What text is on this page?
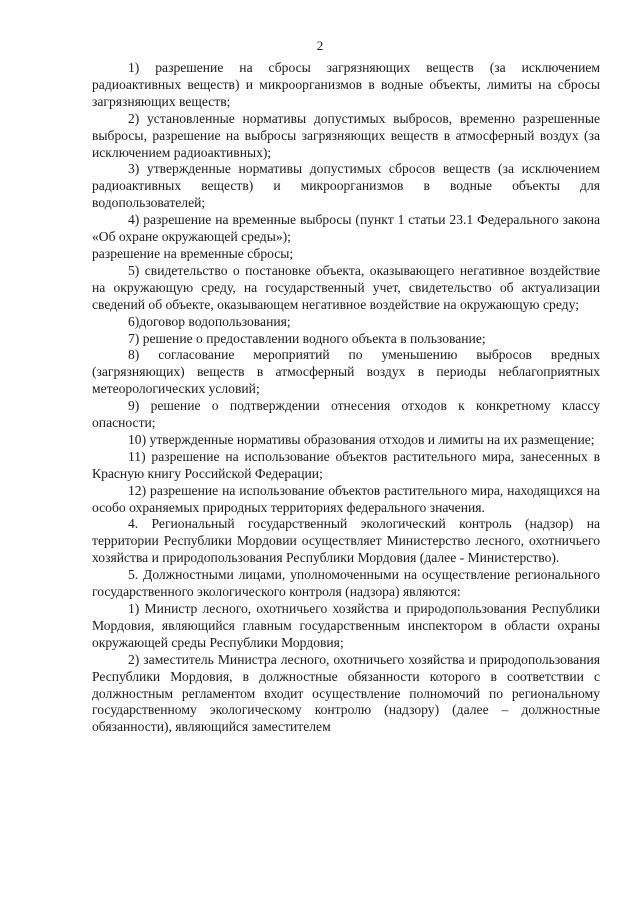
2

1) разрешение на сбросы загрязняющих веществ (за исключением радиоактивных веществ) и микроорганизмов в водные объекты, лимиты на сбросы загрязняющих веществ;

2) установленные нормативы допустимых выбросов, временно разрешенные выбросы, разрешение на выбросы загрязняющих веществ в атмосферный воздух (за исключением радиоактивных);

3) утвержденные нормативы допустимых сбросов веществ (за исключением радиоактивных веществ) и микроорганизмов в водные объекты для водопользователей;

4) разрешение на временные выбросы (пункт 1 статьи 23.1 Федерального закона «Об охране окружающей среды»);

разрешение на временные сбросы;

5) свидетельство о постановке объекта, оказывающего негативное воздействие на окружающую среду, на государственный учет, свидетельство об актуализации сведений об объекте, оказывающем негативное воздействие на окружающую среду;

6)договор водопользования;

7) решение о предоставлении водного объекта в пользование;

8) согласование мероприятий по уменьшению выбросов вредных (загрязняющих) веществ в атмосферный воздух в периоды неблагоприятных метеорологических условий;

9) решение о подтверждении отнесения отходов к конкретному классу опасности;

10) утвержденные нормативы образования отходов и лимиты на их размещение;

11) разрешение на использование объектов растительного мира, занесенных в Красную книгу Российской Федерации;

12) разрешение на использование объектов растительного мира, находящихся на особо охраняемых природных территориях федерального значения.

4. Региональный государственный экологический контроль (надзор) на территории Республики Мордовии осуществляет Министерство лесного, охотничьего хозяйства и природопользования Республики Мордовия (далее - Министерство).

5. Должностными лицами, уполномоченными на осуществление регионального государственного экологического контроля (надзора) являются:

1) Министр лесного, охотничьего хозяйства и природопользования Республики Мордовия, являющийся главным государственным инспектором в области охраны окружающей среды Республики Мордовия;

2) заместитель Министра лесного, охотничьего хозяйства и природопользования Республики Мордовия, в должностные обязанности которого в соответствии с должностным регламентом входит осуществление полномочий по региональному государственному экологическому контролю (надзору) (далее – должностные обязанности), являющийся заместителем
